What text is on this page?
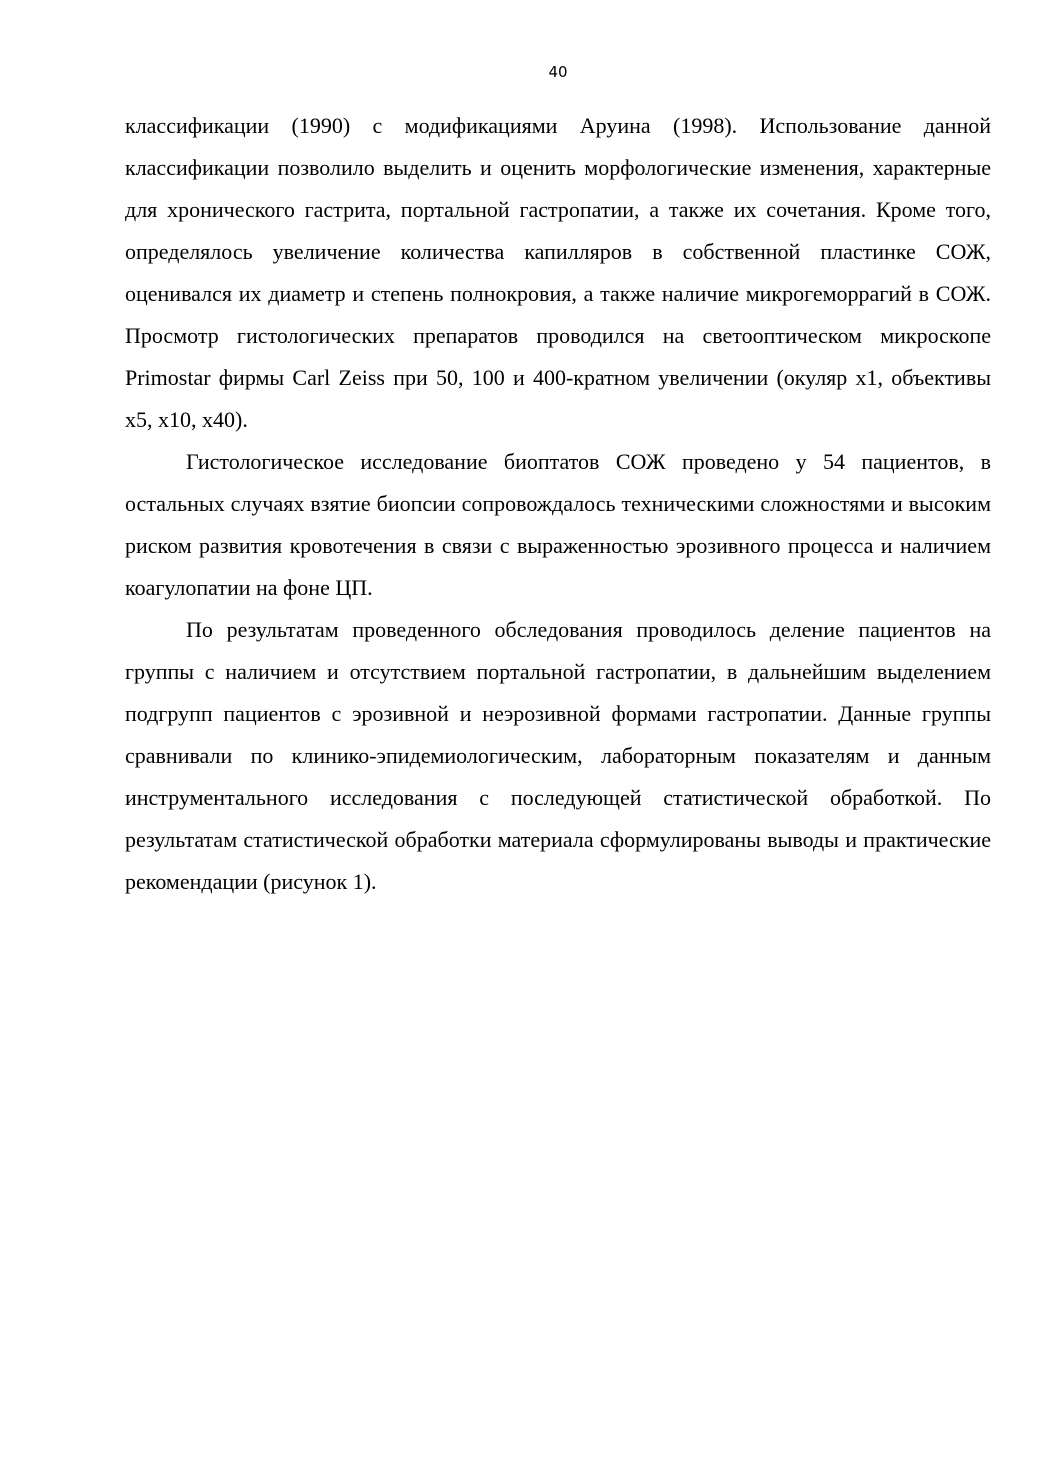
40

классификации (1990) с модификациями Аруина (1998). Использование данной классификации позволило выделить и оценить морфологические изменения, характерные для хронического гастрита, портальной гастропатии, а также их сочетания. Кроме того, определялось увеличение количества капилляров в собственной пластинке СОЖ, оценивался их диаметр и степень полнокровия, а также наличие микрогеморрагий в СОЖ. Просмотр гистологических препаратов проводился на светооптическом микроскопе Primostar фирмы Carl Zeiss при 50, 100 и 400-кратном увеличении (окуляр x1, объективы x5, x10, x40).

Гистологическое исследование биоптатов СОЖ проведено у 54 пациентов, в остальных случаях взятие биопсии сопровождалось техническими сложностями и высоким риском развития кровотечения в связи с выраженностью эрозивного процесса и наличием коагулопатии на фоне ЦП.

По результатам проведенного обследования проводилось деление пациентов на группы с наличием и отсутствием портальной гастропатии, в дальнейшим выделением подгрупп пациентов с эрозивной и неэрозивной формами гастропатии. Данные группы сравнивали по клинико-эпидемиологическим, лабораторным показателям и данным инструментального исследования с последующей статистической обработкой. По результатам статистической обработки материала сформулированы выводы и практические рекомендации (рисунок 1).
